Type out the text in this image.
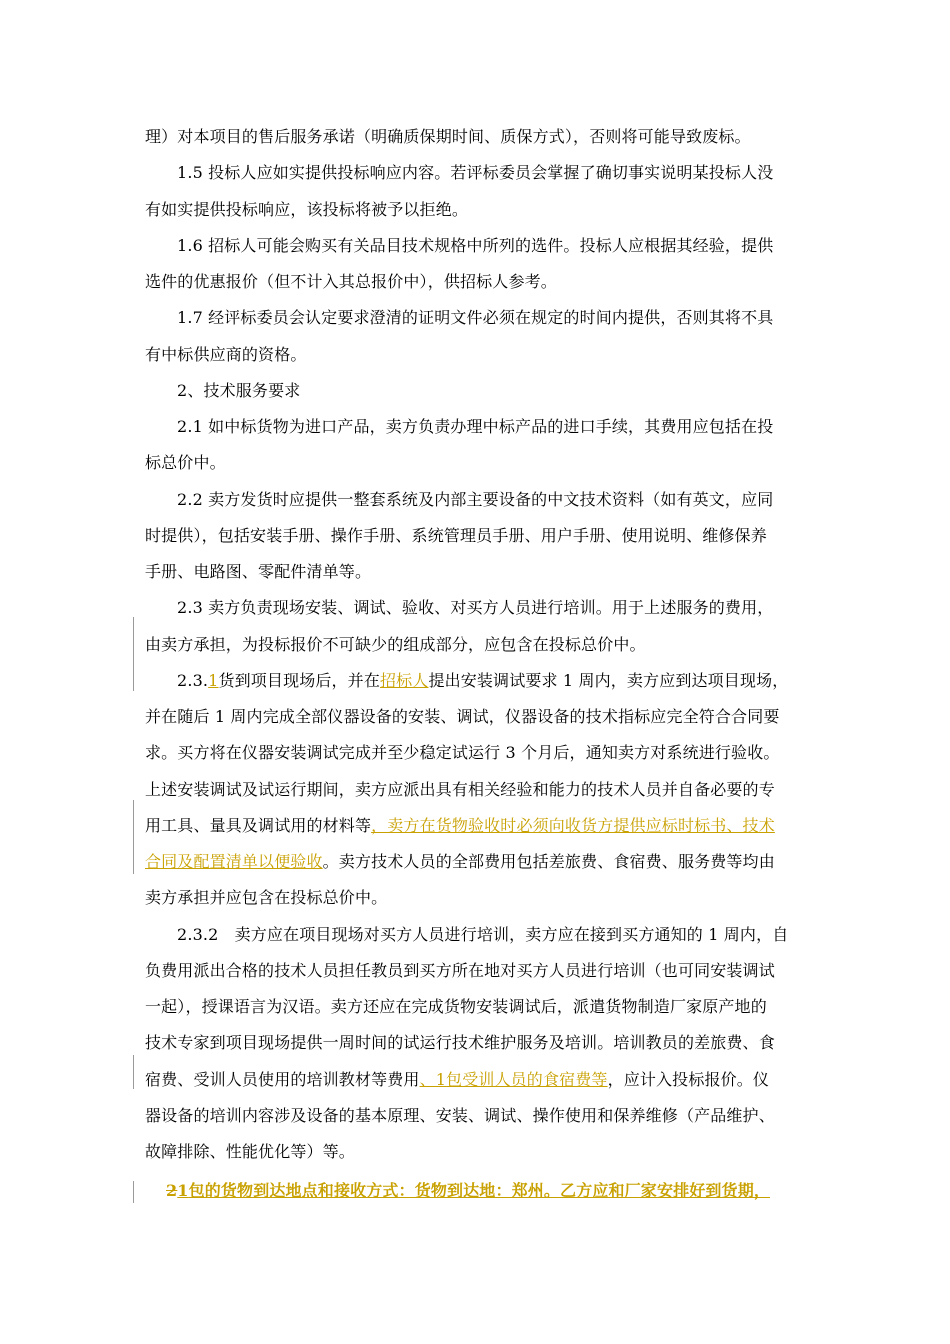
理）对本项目的售后服务承诺（明确质保期时间、质保方式），否则将可能导致废标。
1.5 投标人应如实提供投标响应内容。若评标委员会掌握了确切事实说明某投标人没
有如实提供投标响应，该投标将被予以拒绝。
1.6 招标人可能会购买有关品目技术规格中所列的选件。投标人应根据其经验，提供
选件的优惠报价（但不计入其总报价中），供招标人参考。
1.7 经评标委员会认定要求澄清的证明文件必须在规定的时间内提供，否则其将不具
有中标供应商的资格。
2、技术服务要求
2.1 如中标货物为进口产品，卖方负责办理中标产品的进口手续，其费用应包括在投
标总价中。
2.2 卖方发货时应提供一整套系统及内部主要设备的中文技术资料（如有英文，应同
时提供），包括安装手册、操作手册、系统管理员手册、用户手册、使用说明、维修保养
手册、电路图、零配件清单等。
2.3 卖方负责现场安装、调试、验收、对买方人员进行培训。用于上述服务的费用，
由卖方承担，为投标报价不可缺少的组成部分，应包含在投标总价中。
2.3.1货到项目现场后，并在招标人提出安装调试要求 1 周内，卖方应到达项目现场，
并在随后 1 周内完成全部仪器设备的安装、调试，仪器设备的技术指标应完全符合合同要
求。买方将在仪器安装调试完成并至少稳定试运行 3 个月后，通知卖方对系统进行验收。
上述安装调试及试运行期间，卖方应派出具有相关经验和能力的技术人员并自备必要的专
用工具、量具及调试用的材料等，卖方在货物验收时必须向收货方提供应标时标书、技术
合同及配置清单以便验收。卖方技术人员的全部费用包括差旅费、食宿费、服务费等均由
卖方承担并应包含在投标总价中。
2.3.2　卖方应在项目现场对买方人员进行培训，卖方应在接到买方通知的 1 周内，自
负费用派出合格的技术人员担任教员到买方所在地对买方人员进行培训（也可同安装调试
一起），授课语言为汉语。卖方还应在完成货物安装调试后，派遣货物制造厂家原产地的
技术专家到项目现场提供一周时间的试运行技术维护服务及培训。培训教员的差旅费、食
宿费、受训人员使用的培训教材等费用、1包受训人员的食宿费等，应计入投标报价。仪
器设备的培训内容涉及设备的基本原理、安装、调试、操作使用和保养维修（产品维护、
故障排除、性能优化等）等。
21包的货物到达地点和接收方式：货物到达地：郑州。乙方应和厂家安排好到货期，
